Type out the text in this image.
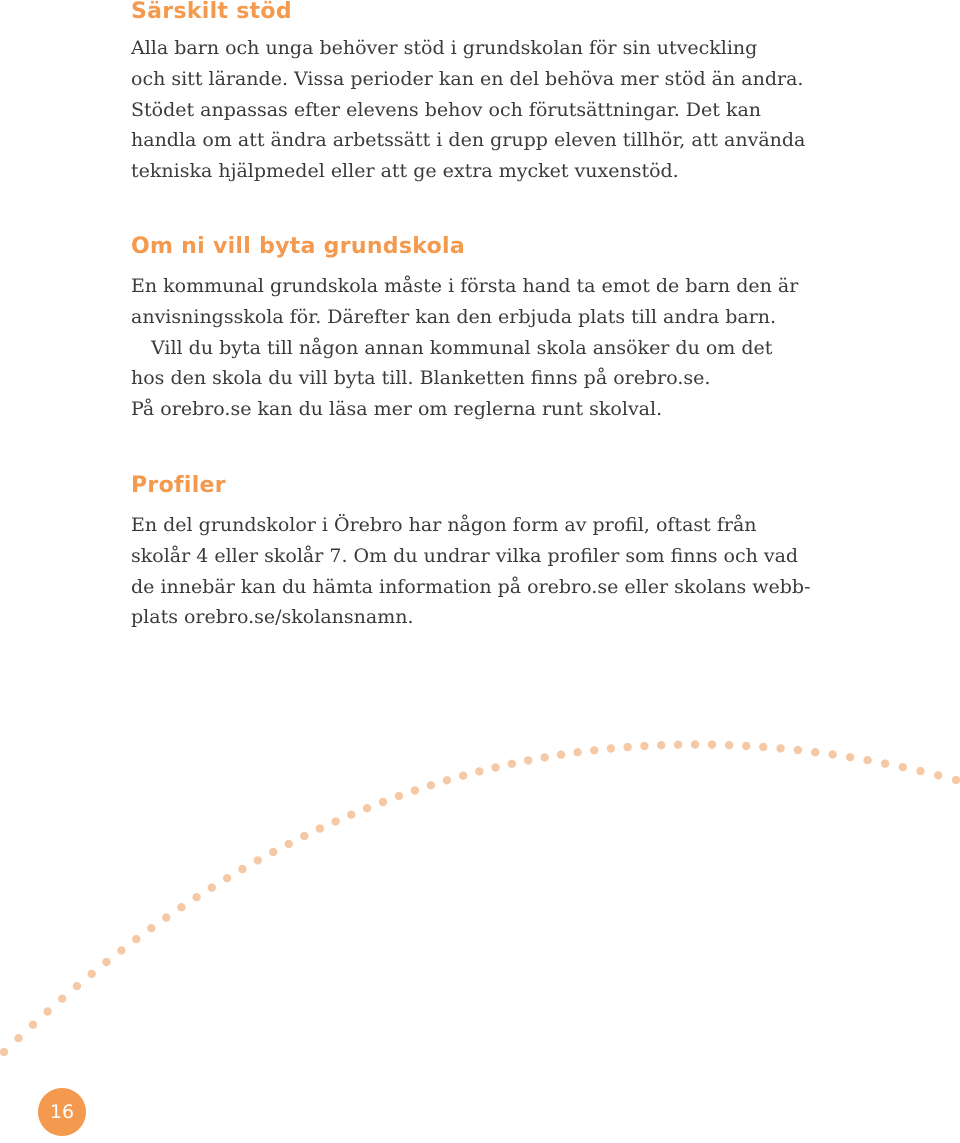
Särskilt stöd

Alla barn och unga behöver stöd i grundskolan för sin utveckling
och sitt lärande. Vissa perioder kan en del behöva mer stöd än andra.
Stödet anpassas efter elevens behov och förutsättningar. Det kan
handla om att ändra arbetssätt i den grupp eleven tillhör, att använda
tekniska hjälpmedel eller att ge extra mycket vuxenstöd.

Om ni vill byta grundskola

En kommunal grundskola måste i första hand ta emot de barn den är
anvisningsskola för. Därefter kan den erbjuda plats till andra barn.
Vill du byta till någon annan kommunal skola ansöker du om det
hos den skola du vill byta till. Blanketten finns på orebro.se.
På orebro.se kan du läsa mer om reglerna runt skolval.

Profiler

En del grundskolor i Örebro har någon form av profil, oftast från
skolår 4 eller skolår 7. Om du undrar vilka profiler som finns och vad
de innebär kan du hämta information på orebro.se eller skolans webb-
plats orebro.se/skolansnamn.

16
